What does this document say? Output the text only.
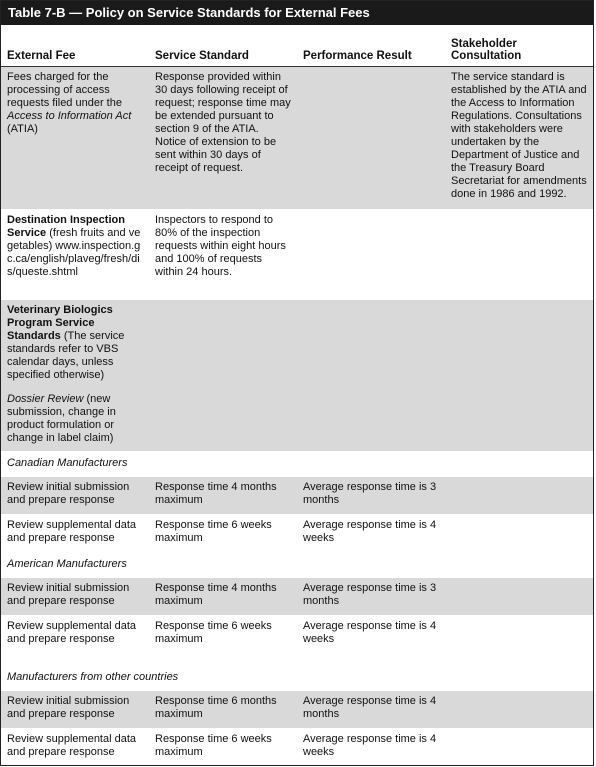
Table 7-B — Policy on Service Standards for External Fees
External Fee	Service Standard	Performance Result
Stakeholder Consultation
Fees charged for the processing of access requests filed under the Access to Information Act (ATIA)
Response provided within 30 days following receipt of request; response time may be extended pursuant to section 9 of the ATIA. Notice of extension to be sent within 30 days of receipt of request.
The service standard is established by the ATIA and the Access to Information Regulations. Consultations with stakeholders were undertaken by the Department of Justice and the Treasury Board Secretariat for amendments done in 1986 and 1992.
Destination Inspection Service (fresh fruits and vegetables) www.inspection.gc.ca/english/plaveg/fresh/dis/queste.shtml
Inspectors to respond to 80% of the inspection requests within eight hours and 100% of requests within 24 hours.

Veterinary Biologics Program Service Standards (The service standards refer to VBS calendar days, unless specified otherwise)

Dossier Review (new submission, change in product formulation or change in label claim)

Canadian Manufacturers
Review initial submission and prepare response
Response time 4 months maximum
Average response time is 3 months
Review supplemental data and prepare response
Response time 6 weeks maximum
Average response time is 4 weeks
American Manufacturers
Review initial submission and prepare response
Response time 4 months maximum
Average response time is 3 months
Review supplemental data and prepare response
Response time 6 weeks maximum
Average response time is 4 weeks
Manufacturers from other countries
Review initial submission and prepare response
Response time 6 months maximum
Average response time is 4 months
Review supplemental data and prepare response
Response time 6 weeks maximum
Average response time is 4 weeks
